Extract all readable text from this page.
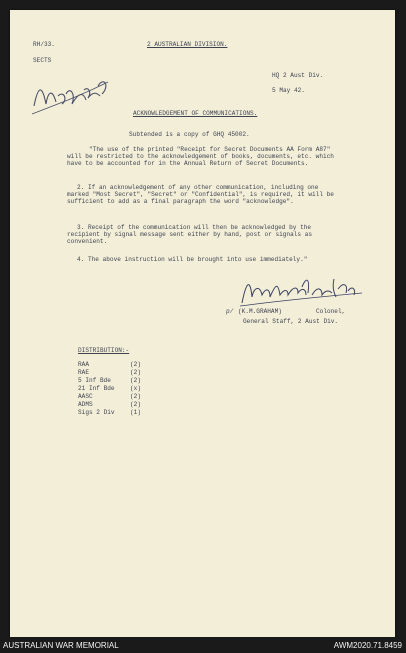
RH/33.
SECTS
2 AUSTRALIAN DIVISION.
HQ 2 Aust Div.
5 May 42.
ACKNOWLEDGEMENT OF COMMUNICATIONS.
Subtended is a copy of GHQ 45002.
"The use of the printed "Receipt for Secret Documents AA Form A87" will be restricted to the acknowledgement of books, documents, etc. which have to be accounted for in the Annual Return of Secret Documents.
2. If an acknowledgement of any other communication, including one marked "Most Secret", "Secret" or "Confidential", is required, it will be sufficient to add as a final paragraph the word "acknowledge".
3. Receipt of the communication will then be acknowledged by the recipient by signal message sent either by hand, post or signals as convenient.
4. The above instruction will be brought into use immediately."
p/ (K.M.GRAHAM)	Colonel,
General Staff, 2 Aust Div.
DISTRIBUTION:-
RAA	(2)
RAE	(2)
5 Inf Bde	(2)
21 Inf Bde	(x)
AASC	(2)
ADMS	(2)
Sigs 2 Div	(1)
AUSTRALIAN WAR MEMORIAL	AWM2020.71.8459
